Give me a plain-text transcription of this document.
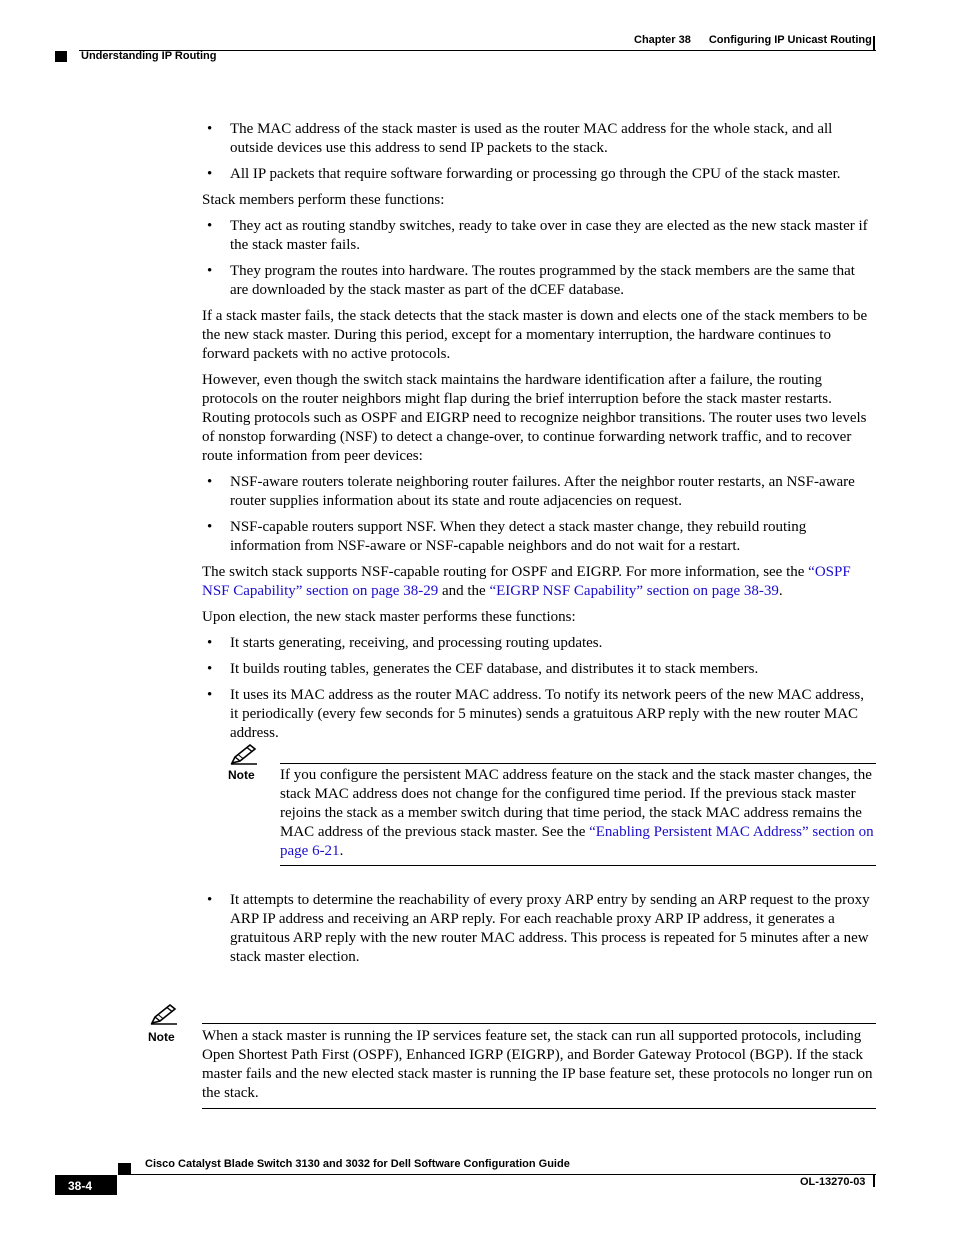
Chapter 38 Configuring IP Unicast Routing
Understanding IP Routing
• The MAC address of the stack master is used as the router MAC address for the whole stack, and all outside devices use this address to send IP packets to the stack.
• All IP packets that require software forwarding or processing go through the CPU of the stack master.

Stack members perform these functions:

• They act as routing standby switches, ready to take over in case they are elected as the new stack master if the stack master fails.
• They program the routes into hardware. The routes programmed by the stack members are the same that are downloaded by the stack master as part of the dCEF database.

If a stack master fails, the stack detects that the stack master is down and elects one of the stack members to be the new stack master. During this period, except for a momentary interruption, the hardware continues to forward packets with no active protocols.

However, even though the switch stack maintains the hardware identification after a failure, the routing protocols on the router neighbors might flap during the brief interruption before the stack master restarts. Routing protocols such as OSPF and EIGRP need to recognize neighbor transitions. The router uses two levels of nonstop forwarding (NSF) to detect a change-over, to continue forwarding network traffic, and to recover route information from peer devices:

• NSF-aware routers tolerate neighboring router failures. After the neighbor router restarts, an NSF-aware router supplies information about its state and route adjacencies on request.
• NSF-capable routers support NSF. When they detect a stack master change, they rebuild routing information from NSF-aware or NSF-capable neighbors and do not wait for a restart.

The switch stack supports NSF-capable routing for OSPF and EIGRP. For more information, see the “OSPF NSF Capability” section on page 38-29 and the “EIGRP NSF Capability” section on page 38-39.

Upon election, the new stack master performs these functions:

• It starts generating, receiving, and processing routing updates.
• It builds routing tables, generates the CEF database, and distributes it to stack members.
• It uses its MAC address as the router MAC address. To notify its network peers of the new MAC address, it periodically (every few seconds for 5 minutes) sends a gratuitous ARP reply with the new router MAC address.
Note If you configure the persistent MAC address feature on the stack and the stack master changes, the stack MAC address does not change for the configured time period. If the previous stack master rejoins the stack as a member switch during that time period, the stack MAC address remains the MAC address of the previous stack master. See the “Enabling Persistent MAC Address” section on page 6-21.
• It attempts to determine the reachability of every proxy ARP entry by sending an ARP request to the proxy ARP IP address and receiving an ARP reply. For each reachable proxy ARP IP address, it generates a gratuitous ARP reply with the new router MAC address. This process is repeated for 5 minutes after a new stack master election.
Note When a stack master is running the IP services feature set, the stack can run all supported protocols, including Open Shortest Path First (OSPF), Enhanced IGRP (EIGRP), and Border Gateway Protocol (BGP). If the stack master fails and the new elected stack master is running the IP base feature set, these protocols no longer run on the stack.
Cisco Catalyst Blade Switch 3130 and 3032 for Dell Software Configuration Guide
38-4	OL-13270-03
